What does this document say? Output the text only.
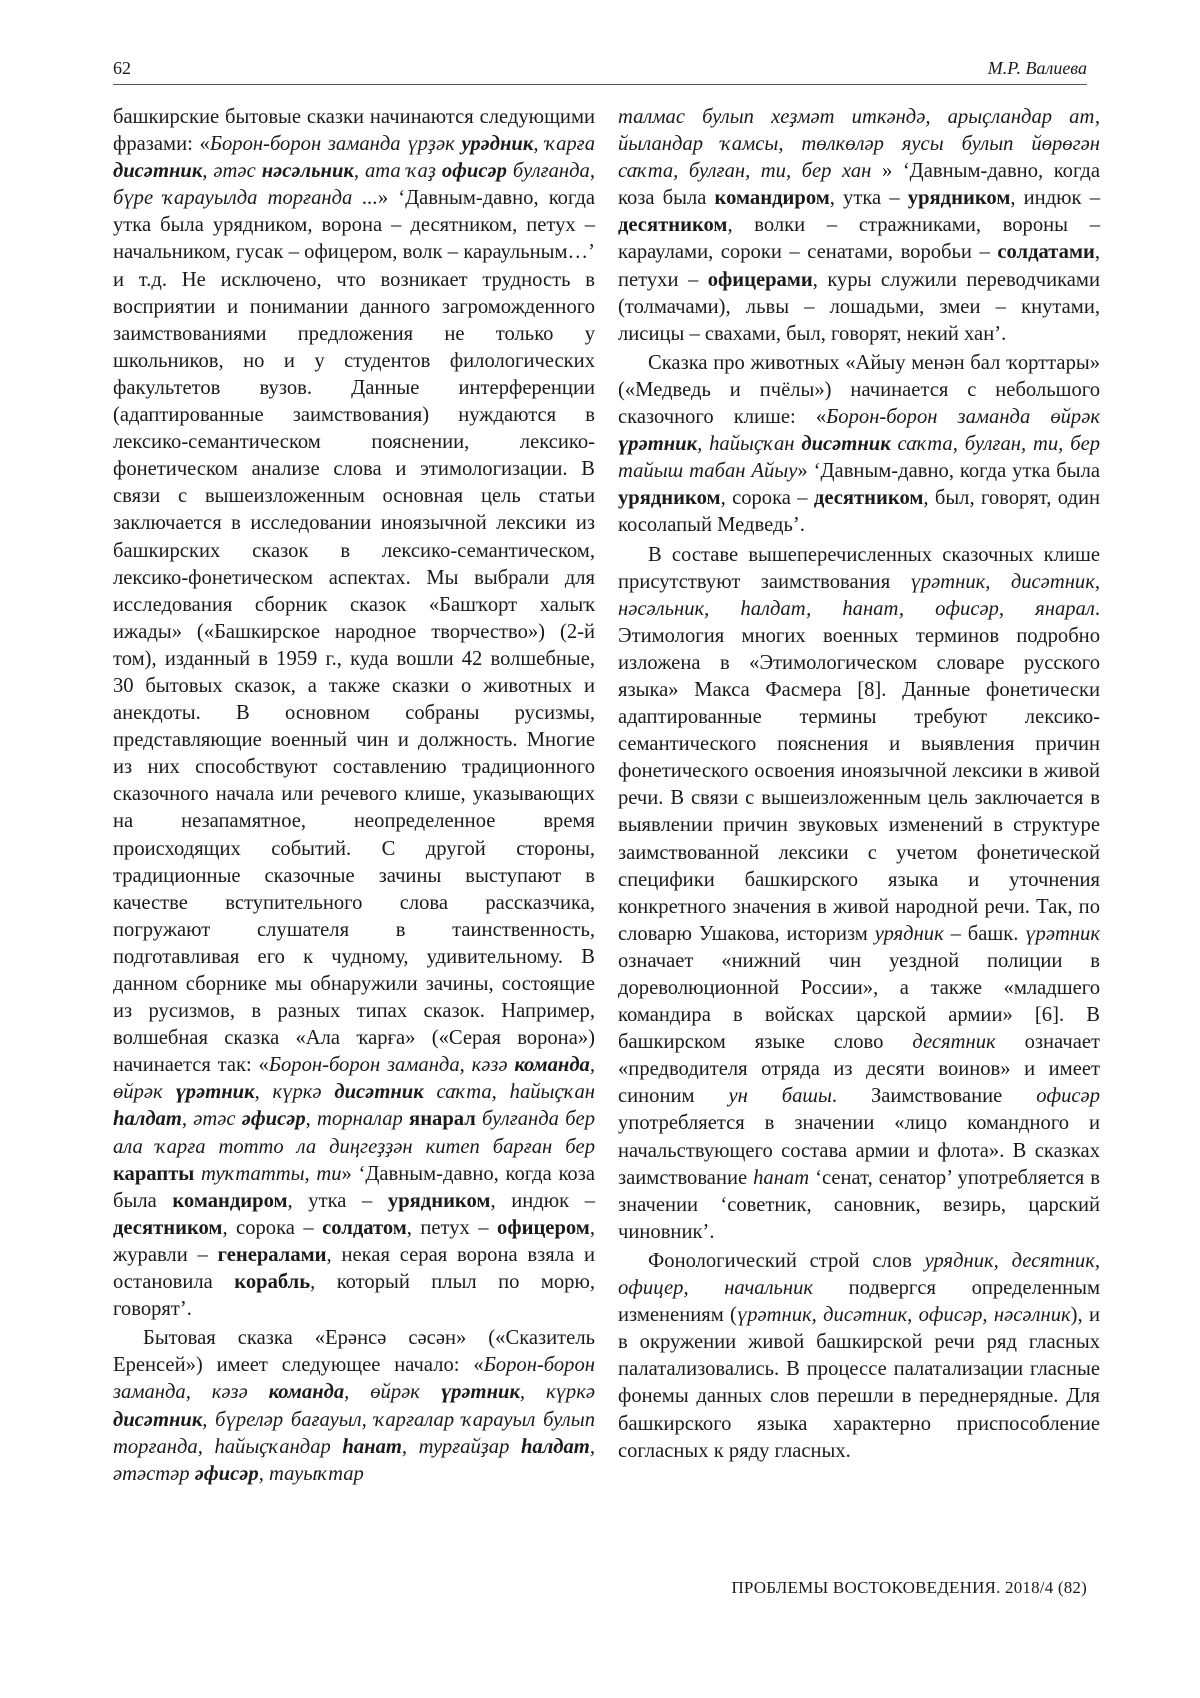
62	М.Р. Валиева

башкирские бытовые сказки начинаются следующими фразами: «Борон-борон заманда үрҙәк урәдник, ҡарға дисәтник, әтәс нәсәльник, ата ҡаҙ офисәр булғанда, бүре ҡарауылда торғанда ...» ‘Давным-давно, когда утка была урядником, ворона – десятником, петух – начальником, гусак – офицером, волк – караульным…’ и т.д. Не исключено, что возникает трудность в восприятии и понимании данного загроможденного заимствованиями предложения не только у школьников, но и у студентов филологических факультетов вузов. Данные интерференции (адаптированные заимствования) нуждаются в лексико-семантическом пояснении, лексико-фонетическом анализе слова и этимологизации. В связи с вышеизложенным основная цель статьи заключается в исследовании иноязычной лексики из башкирских сказок в лексико-семантическом, лексико-фонетическом аспектах. Мы выбрали для исследования сборник сказок «Башҡорт халыҡ ижады» («Башкирское народное творчество») (2-й том), изданный в 1959 г., куда вошли 42 волшебные, 30 бытовых сказок, а также сказки о животных и анекдоты. В основном собраны русизмы, представляющие военный чин и должность. Многие из них способствуют составлению традиционного сказочного начала или речевого клише, указывающих на незапамятное, неопределенное время происходящих событий. С другой стороны, традиционные сказочные зачины выступают в качестве вступительного слова рассказчика, погружают слушателя в таинственность, подготавливая его к чудному, удивительному. В данном сборнике мы обнаружили зачины, состоящие из русизмов, в разных типах сказок. Например, волшебная сказка «Ала ҡарға» («Серая ворона») начинается так: «Борон-борон заманда, кәзә команда, өйрәк үрәтник, күркә дисәтник саҡта, һайыҫҡан һалдат, әтәс әфисәр, торналар янарал булғанда бер ала ҡарға тотто ла диңгеҙҙән китеп барған бер карапты туҡтатты, ти» ‘Давным-давно, когда коза была командиром, утка – урядником, индюк – десятником, сорока – солдатом, петух – офицером, журавли – генералами, некая серая ворона взяла и остановила корабль, который плыл по морю, говорят’.

Бытовая сказка «Ерәнсә сәсән» («Сказитель Еренсей») имеет следующее начало: «Борон-борон заманда, кәзә команда, өйрәк үрәтник, күркә дисәтник, бүреләр бағауыл, ҡарғалар ҡарауыл булып торғанда, һайыҫҡандар һанат, турғайҙар һалдат, әтәстәр әфисәр, тауыҡтар

талмас булып хеҙмәт иткәндә, арыҫландар ат, йыландар ҡамсы, төлкөләр яусы булып йөрөгән саҡта, булған, ти, бер хан » ‘Давным-давно, когда коза была командиром, утка – урядником, индюк – десятником, волки – стражниками, вороны – караулами, сороки – сенатами, воробьи – солдатами, петухи – офицерами, куры служили переводчиками (толмачами), львы – лошадьми, змеи – кнутами, лисицы – свахами, был, говорят, некий хан’.

Сказка про животных «Айыу менән бал ҡорттары» («Медведь и пчёлы») начинается с небольшого сказочного клише: «Борон-борон заманда өйрәк үрәтник, һайыҫҡан дисәтник саҡта, булған, ти, бер тайыш табан Айыу» ‘Давным-давно, когда утка была урядником, сорока – десятником, был, говорят, один косолапый Медведь’.

В составе вышеперечисленных сказочных клише присутствуют заимствования үрәтник, дисәтник, нәсәльник, һалдат, һанат, офисәр, янарал. Этимология многих военных терминов подробно изложена в «Этимологическом словаре русского языка» Макса Фасмера [8]. Данные фонетически адаптированные термины требуют лексико-семантического пояснения и выявления причин фонетического освоения иноязычной лексики в живой речи. В связи с вышеизложенным цель заключается в выявлении причин звуковых изменений в структуре заимствованной лексики с учетом фонетической специфики башкирского языка и уточнения конкретного значения в живой народной речи. Так, по словарю Ушакова, историзм урядник – башк. үрәтник означает «нижний чин уездной полиции в дореволюционной России», а также «младшего командира в войсках царской армии» [6]. В башкирском языке слово десятник означает «предводителя отряда из десяти воинов» и имеет синоним ун башы. Заимствование офисәр употребляется в значении «лицо командного и начальствующего состава армии и флота». В сказках заимствование һанат ‘сенат, сенатор’ употребляется в значении ‘советник, сановник, везирь, царский чиновник’.

Фонологический строй слов урядник, десятник, офицер, начальник подвергся определенным изменениям (үрәтник, дисәтник, офисәр, нәсәлник), и в окружении живой башкирской речи ряд гласных палатализовались. В процессе палатализации гласные фонемы данных слов перешли в переднерядные. Для башкирского языка характерно приспособление согласных к ряду гласных.

ПРОБЛЕМЫ ВОСТОКОВЕДЕНИЯ. 2018/4 (82)
